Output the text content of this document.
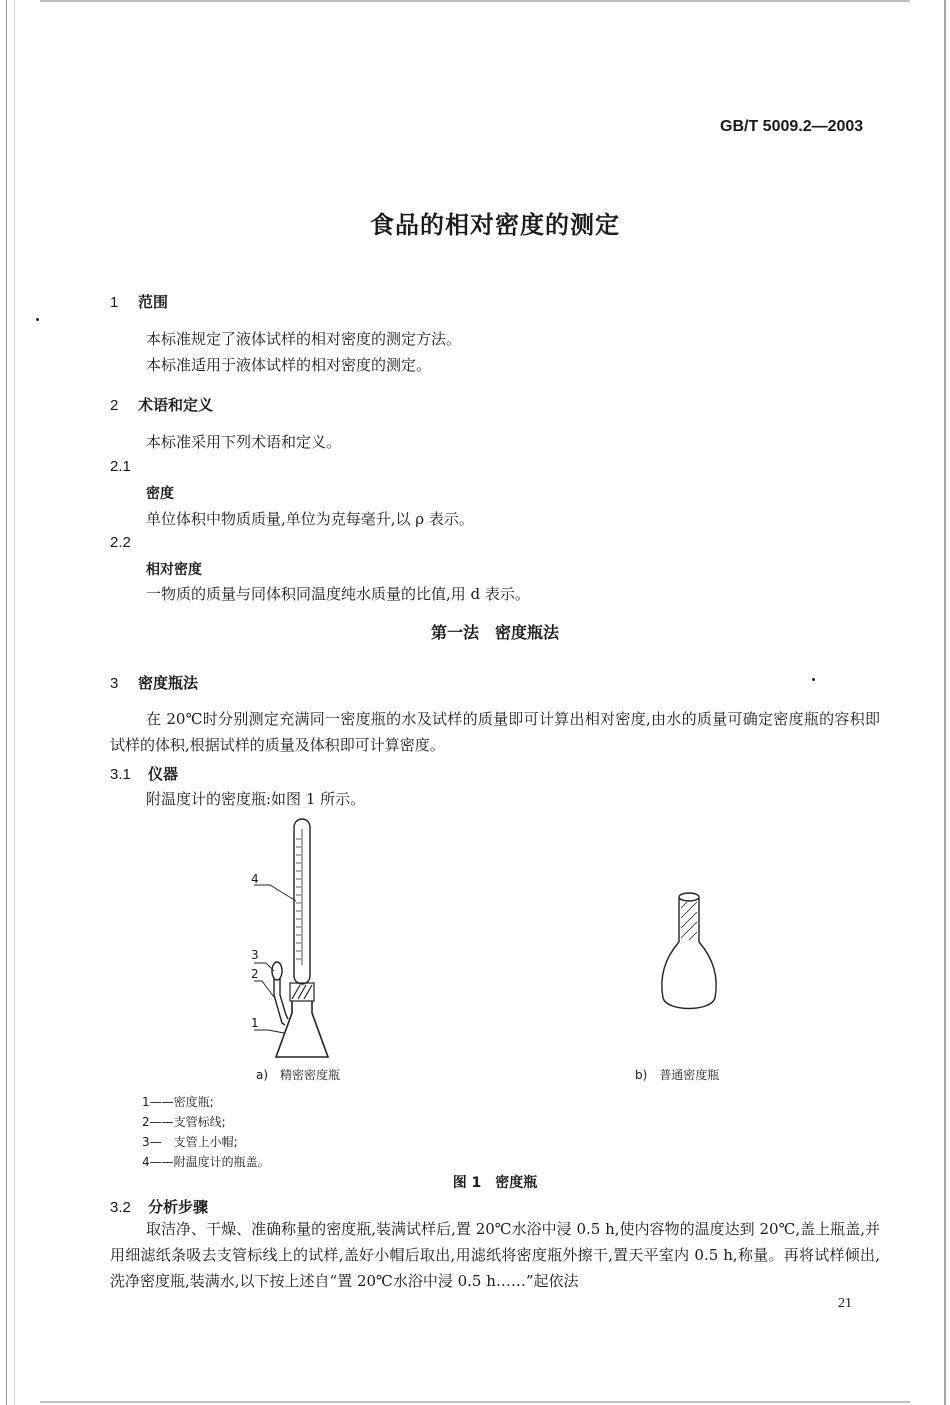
GB/T 5009.2—2003
食品的相对密度的测定
1 范围
本标准规定了液体试样的相对密度的测定方法。
本标准适用于液体试样的相对密度的测定。
2 术语和定义
本标准采用下列术语和定义。
2.1
密度
单位体积中物质质量,单位为克每毫升,以 ρ 表示。
2.2
相对密度
一物质的质量与同体积同温度纯水质量的比值,用 d 表示。
第一法　密度瓶法
3 密度瓶法
在 20℃时分别测定充满同一密度瓶的水及试样的质量即可计算出相对密度,由水的质量可确定密度瓶的容积即试样的体积,根据试样的质量及体积即可计算密度。
3.1 仪器
附温度计的密度瓶:如图 1 所示。
4
3
2
1
a)　精密密度瓶	b)　普通密度瓶
1——密度瓶;
2——支管标线;
3—　支管上小帽;
4——附温度计的瓶盖。
图 1　密度瓶
3.2 分析步骤
取洁净、干燥、准确称量的密度瓶,装满试样后,置 20℃水浴中浸 0.5 h,使内容物的温度达到 20℃,盖上瓶盖,并用细滤纸条吸去支管标线上的试样,盖好小帽后取出,用滤纸将密度瓶外擦干,置天平室内 0.5 h,称量。再将试样倾出,洗净密度瓶,装满水,以下按上述自“置 20℃水浴中浸 0.5 h……”起依法
21
